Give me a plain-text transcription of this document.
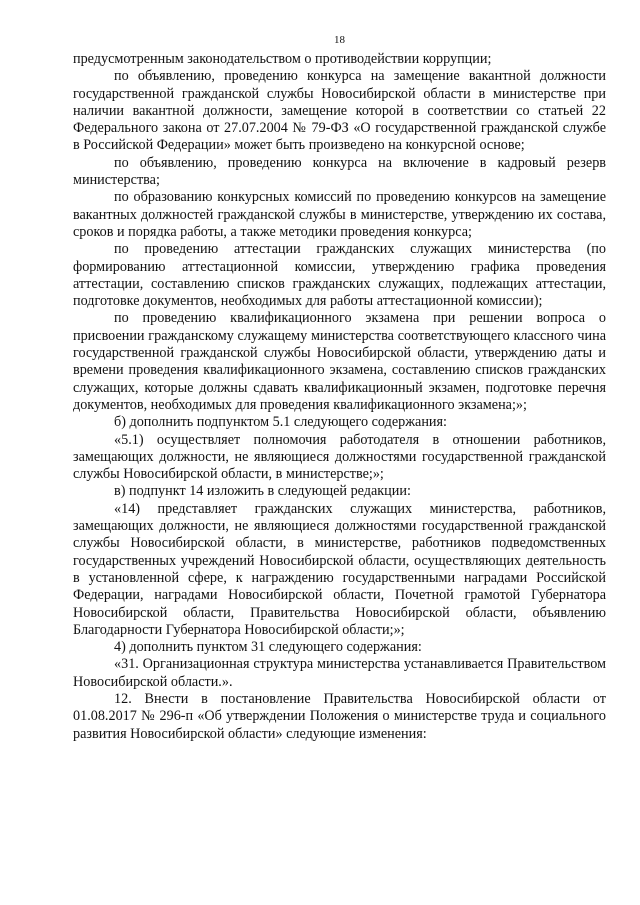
18

предусмотренным законодательством о противодействии коррупции;

по объявлению, проведению конкурса на замещение вакантной должности государственной гражданской службы Новосибирской области в министерстве при наличии вакантной должности, замещение которой в соответствии со статьей 22 Федерального закона от 27.07.2004 № 79-ФЗ «О государственной гражданской службе в Российской Федерации» может быть произведено на конкурсной основе;

по объявлению, проведению конкурса на включение в кадровый резерв министерства;

по образованию конкурсных комиссий по проведению конкурсов на замещение вакантных должностей гражданской службы в министерстве, утверждению их состава, сроков и порядка работы, а также методики проведения конкурса;

по проведению аттестации гражданских служащих министерства (по формированию аттестационной комиссии, утверждению графика проведения аттестации, составлению списков гражданских служащих, подлежащих аттестации, подготовке документов, необходимых для работы аттестационной комиссии);

по проведению квалификационного экзамена при решении вопроса о присвоении гражданскому служащему министерства соответствующего классного чина государственной гражданской службы Новосибирской области, утверждению даты и времени проведения квалификационного экзамена, составлению списков гражданских служащих, которые должны сдавать квалификационный экзамен, подготовке перечня документов, необходимых для проведения квалификационного экзамена;»;

б) дополнить подпунктом 5.1 следующего содержания:

«5.1) осуществляет полномочия работодателя в отношении работников, замещающих должности, не являющиеся должностями государственной гражданской службы Новосибирской области, в министерстве;»;

в) подпункт 14 изложить в следующей редакции:

«14) представляет гражданских служащих министерства, работников, замещающих должности, не являющиеся должностями государственной гражданской службы Новосибирской области, в министерстве, работников подведомственных государственных учреждений Новосибирской области, осуществляющих деятельность в установленной сфере, к награждению государственными наградами Российской Федерации, наградами Новосибирской области, Почетной грамотой Губернатора Новосибирской области, Правительства Новосибирской области, объявлению Благодарности Губернатора Новосибирской области;»;

4) дополнить пунктом 31 следующего содержания:

«31. Организационная структура министерства устанавливается Правительством Новосибирской области.».

12. Внести в постановление Правительства Новосибирской области от 01.08.2017 № 296-п «Об утверждении Положения о министерстве труда и социального развития Новосибирской области» следующие изменения:
